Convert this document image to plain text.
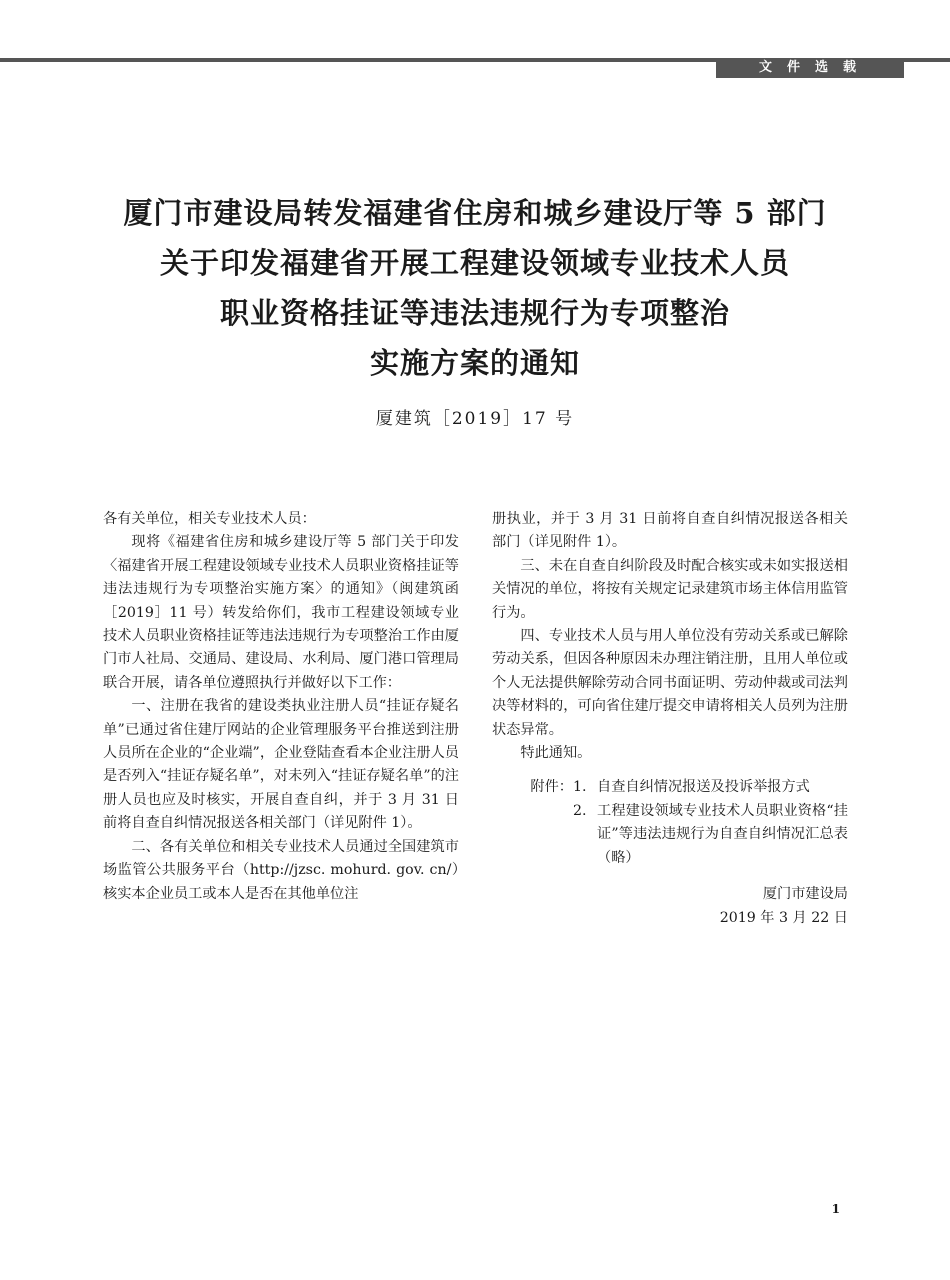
文件选载
厦门市建设局转发福建省住房和城乡建设厅等 5 部门
关于印发福建省开展工程建设领域专业技术人员
职业资格挂证等违法违规行为专项整治
实施方案的通知
厦建筑［2019］17 号

各有关单位，相关专业技术人员：

现将《福建省住房和城乡建设厅等 5 部门关于印发〈福建省开展工程建设领域专业技术人员职业资格挂证等违法违规行为专项整治实施方案〉的通知》（闽建筑函［2019］11 号）转发给你们，我市工程建设领域专业技术人员职业资格挂证等违法违规行为专项整治工作由厦门市人社局、交通局、建设局、水利局、厦门港口管理局联合开展，请各单位遵照执行并做好以下工作：

一、注册在我省的建设类执业注册人员“挂证存疑名单”已通过省住建厅网站的企业管理服务平台推送到注册人员所在企业的“企业端”，企业登陆查看本企业注册人员是否列入“挂证存疑名单”，对未列入“挂证存疑名单”的注册人员也应及时核实，开展自查自纠，并于 3 月 31 日前将自查自纠情况报送各相关部门（详见附件 1）。

二、各有关单位和相关专业技术人员通过全国建筑市场监管公共服务平台（http://jzsc. mohurd. gov. cn/）核实本企业员工或本人是否在其他单位注

册执业，并于 3 月 31 日前将自查自纠情况报送各相关部门（详见附件 1）。

三、未在自查自纠阶段及时配合核实或未如实报送相关情况的单位，将按有关规定记录建筑市场主体信用监管行为。

四、专业技术人员与用人单位没有劳动关系或已解除劳动关系，但因各种原因未办理注销注册，且用人单位或个人无法提供解除劳动合同书面证明、劳动仲裁或司法判决等材料的，可向省住建厅提交申请将相关人员列为注册状态异常。

特此通知。

附件： 1. 自查自纠情况报送及投诉举报方式
2. 工程建设领域专业技术人员职业资格“挂证”等违法违规行为自查自纠情况汇总表（略）

厦门市建设局

2019 年 3 月 22 日

1
